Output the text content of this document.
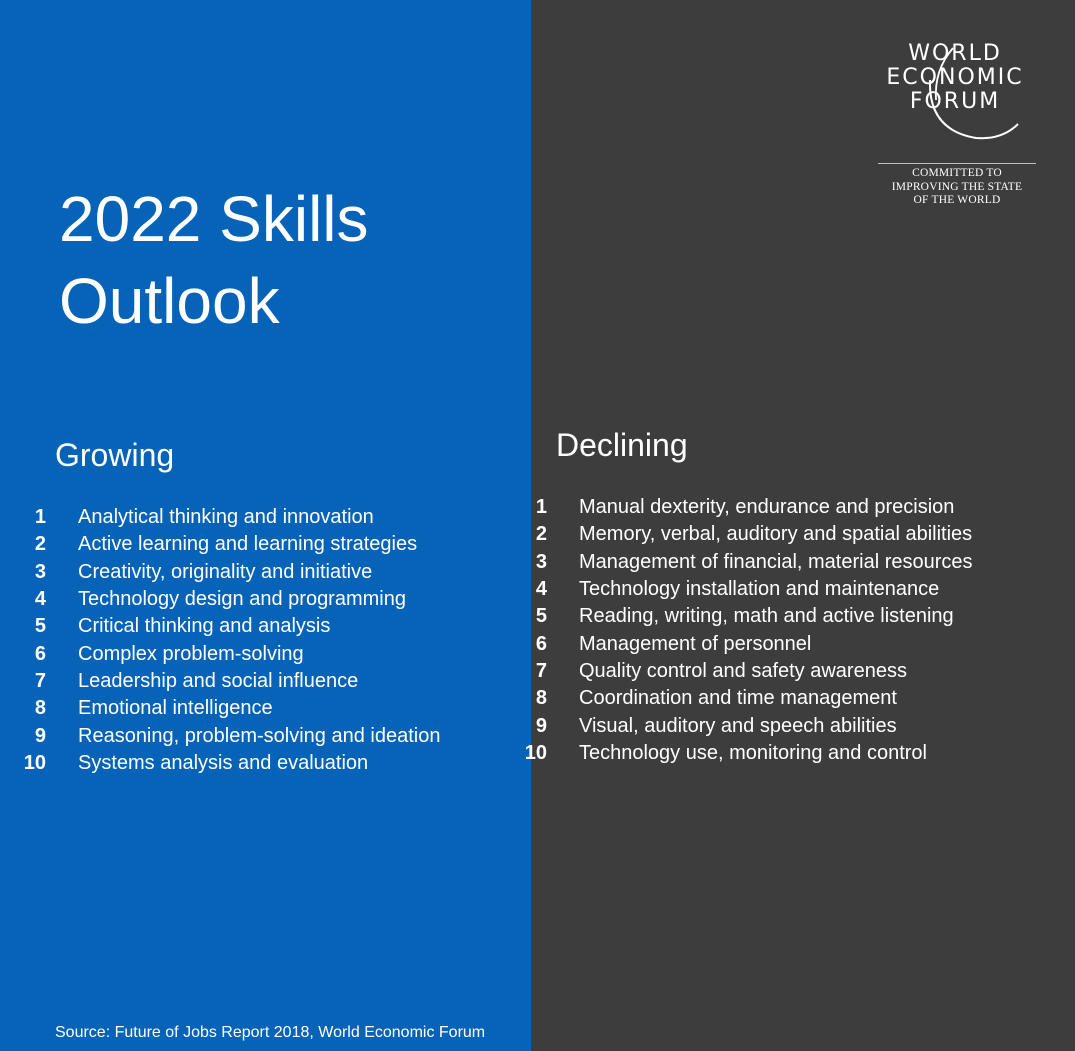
2022 Skills
Outlook
Growing
1	Analytical thinking and innovation
2	Active learning and learning strategies
3	Creativity, originality and initiative
4	Technology design and programming
5	Critical thinking and analysis
6	Complex problem-solving
7	Leadership and social influence
8	Emotional intelligence
9	Reasoning, problem-solving and ideation
10	Systems analysis and evaluation
Declining
1	Manual dexterity, endurance and precision
2	Memory, verbal, auditory and spatial abilities
3	Management of financial, material resources
4	Technology installation and maintenance
5	Reading, writing, math and active listening
6	Management of personnel
7	Quality control and safety awareness
8	Coordination and time management
9	Visual, auditory and speech abilities
10	Technology use, monitoring and control

Source: Future of Jobs Report 2018, World Economic Forum

WORLD
ECONOMIC
FORUM
COMMITTED TO
IMPROVING THE STATE
OF THE WORLD
